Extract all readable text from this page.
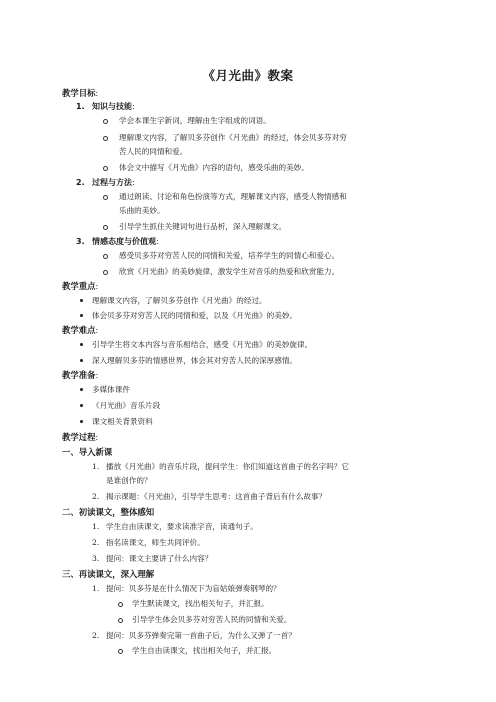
《月光曲》教案
教学目标:
1. 知识与技能:
学会本课生字新词，理解由生字组成的词语。
理解课文内容，了解贝多芬创作《月光曲》的经过，体会贝多芬对穷
苦人民的同情和爱。
体会文中描写《月光曲》内容的语句，感受乐曲的美妙。
2. 过程与方法:
通过朗读、讨论和角色扮演等方式，理解课文内容，感受人物情感和
乐曲的美妙。
引导学生抓住关键词句进行品析，深入理解课文。
3. 情感态度与价值观:
感受贝多芬对穷苦人民的同情和关爱，培养学生的同情心和爱心。
欣赏《月光曲》的美妙旋律，激发学生对音乐的热爱和欣赏能力。
教学重点:
理解课文内容，了解贝多芬创作《月光曲》的经过。
体会贝多芬对穷苦人民的同情和爱，以及《月光曲》的美妙。
教学难点:
引导学生将文本内容与音乐相结合，感受《月光曲》的美妙旋律。
深入理解贝多芬的情感世界，体会其对穷苦人民的深厚感情。
教学准备:
多媒体课件
《月光曲》音乐片段
课文相关背景资料
教学过程:
一、导入新课
1. 播放《月光曲》的音乐片段，提问学生：你们知道这首曲子的名字吗？它
是谁创作的？
2. 揭示课题：《月光曲》，引导学生思考：这首曲子背后有什么故事？
二、初读课文，整体感知
1. 学生自由读课文，要求读准字音，读通句子。
2. 指名读课文，师生共同评价。
3. 提问：课文主要讲了什么内容？
三、再读课文，深入理解
1. 提问：贝多芬是在什么情况下为盲姑娘弹奏钢琴的？
学生默读课文，找出相关句子，并汇报。
引导学生体会贝多芬对穷苦人民的同情和关爱。
2. 提问：贝多芬弹奏完第一首曲子后，为什么又弹了一首？
学生自由读课文，找出相关句子，并汇报。
